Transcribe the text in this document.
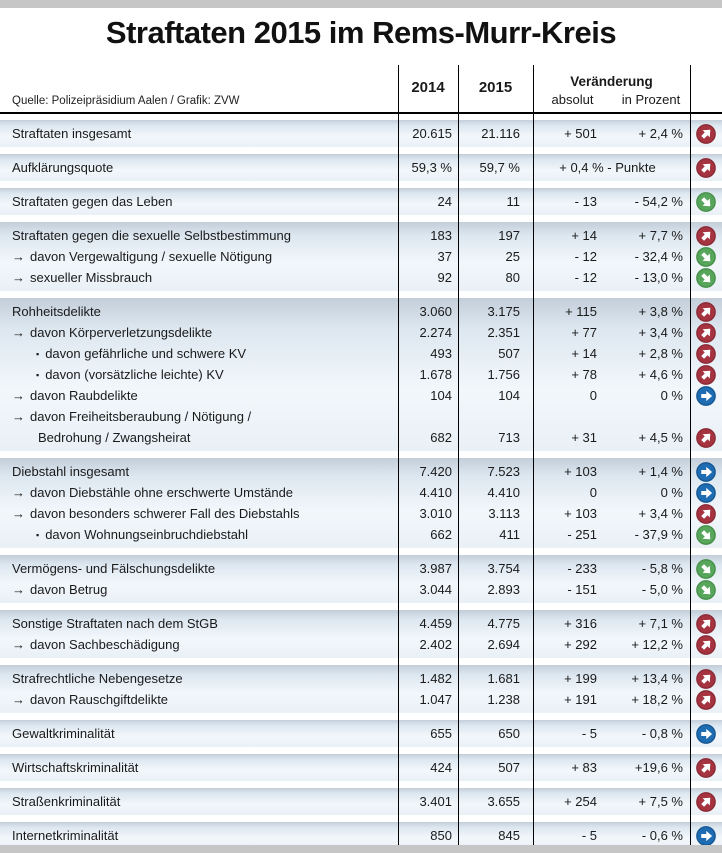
Straftaten 2015 im Rems-Murr-Kreis
Quelle: Polizeipräsidium Aalen / Grafik: ZVW
2014	2015	Veränderung
absolut	in Prozent
Straftaten insgesamt	20.615	21.116	+ 501	+ 2,4 %
Aufklärungsquote	59,3 %	59,7 %	+ 0,4 % - Punkte
Straftaten gegen das Leben	24	11	- 13	- 54,2 %
Straftaten gegen die sexuelle Selbstbestimmung	183	197	+ 14	+ 7,7 %
→ davon Vergewaltigung / sexuelle Nötigung	37	25	- 12	- 32,4 %
→ sexueller Missbrauch	92	80	- 12	- 13,0 %
Rohheitsdelikte	3.060	3.175	+ 115	+ 3,8 %
→ davon Körperverletzungsdelikte	2.274	2.351	+ 77	+ 3,4 %
▪ davon gefährliche und schwere KV	493	507	+ 14	+ 2,8 %
▪ davon (vorsätzliche leichte) KV	1.678	1.756	+ 78	+ 4,6 %
→ davon Raubdelikte	104	104	0	0 %
→ davon Freiheitsberaubung / Nötigung /
Bedrohung / Zwangsheirat	682	713	+ 31	+ 4,5 %
Diebstahl insgesamt	7.420	7.523	+ 103	+ 1,4 %
→ davon Diebstähle ohne erschwerte Umstände	4.410	4.410	0	0 %
→ davon besonders schwerer Fall des Diebstahls	3.010	3.113	+ 103	+ 3,4 %
▪ davon Wohnungseinbruchdiebstahl	662	411	- 251	- 37,9 %
Vermögens- und Fälschungsdelikte	3.987	3.754	- 233	- 5,8 %
→ davon Betrug	3.044	2.893	- 151	- 5,0 %
Sonstige Straftaten nach dem StGB	4.459	4.775	+ 316	+ 7,1 %
→ davon Sachbeschädigung	2.402	2.694	+ 292	+ 12,2 %
Strafrechtliche Nebengesetze	1.482	1.681	+ 199	+ 13,4 %
→ davon Rauschgiftdelikte	1.047	1.238	+ 191	+ 18,2 %
Gewaltkriminalität	655	650	- 5	- 0,8 %
Wirtschaftskriminalität	424	507	+ 83	+19,6 %
Straßenkriminalität	3.401	3.655	+ 254	+ 7,5 %
Internetkriminalität	850	845	- 5	- 0,6 %
